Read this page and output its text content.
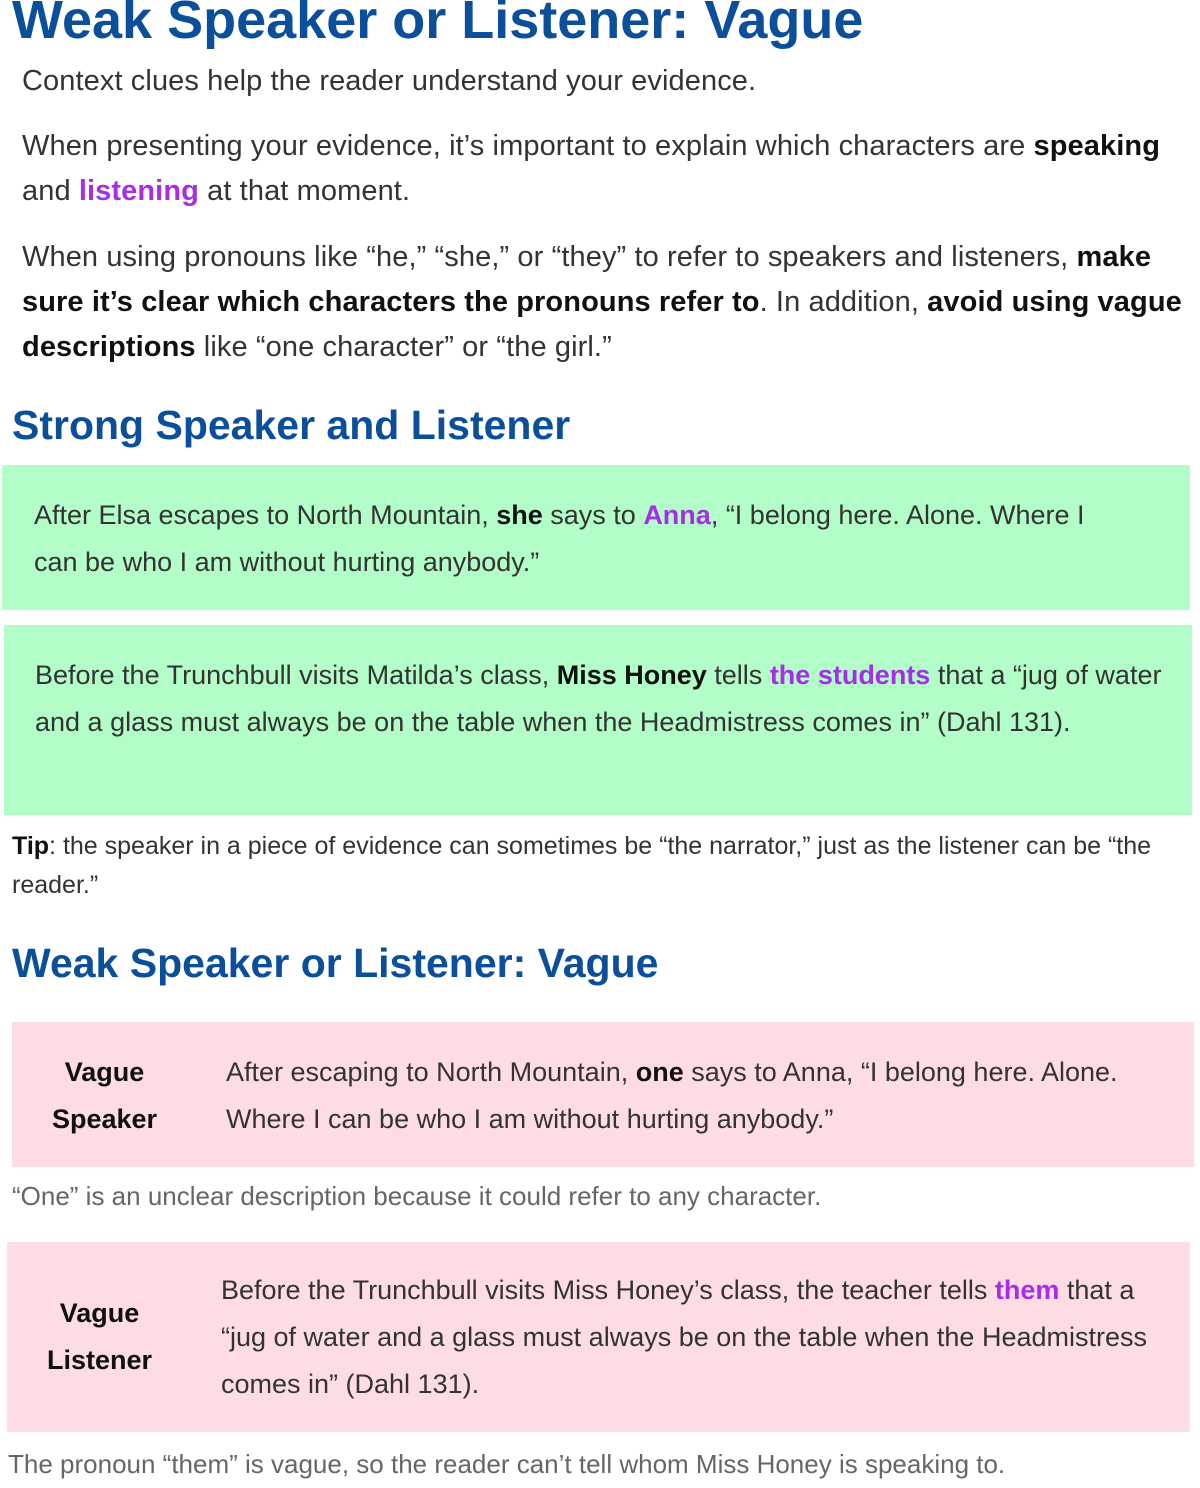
Weak Speaker or Listener: Vague
Context clues help the reader understand your evidence.
When presenting your evidence, it’s important to explain which characters are speaking and listening at that moment.
When using pronouns like “he,” “she,” or “they” to refer to speakers and listeners, make sure it’s clear which characters the pronouns refer to. In addition, avoid using vague descriptions like “one character” or “the girl.”
Strong Speaker and Listener
After Elsa escapes to North Mountain, she says to Anna, “I belong here. Alone. Where I can be who I am without hurting anybody.”
Before the Trunchbull visits Matilda’s class, Miss Honey tells the students that a “jug of water and a glass must always be on the table when the Headmistress comes in” (Dahl 131).
Tip: the speaker in a piece of evidence can sometimes be “the narrator,” just as the listener can be “the reader.”
Weak Speaker or Listener: Vague
Vague
Speaker
After escaping to North Mountain, one says to Anna, “I belong here. Alone. Where I can be who I am without hurting anybody.”
“One” is an unclear description because it could refer to any character.
Vague
Listener
Before the Trunchbull visits Miss Honey’s class, the teacher tells them that a “jug of water and a glass must always be on the table when the Headmistress comes in” (Dahl 131).
The pronoun “them” is vague, so the reader can’t tell whom Miss Honey is speaking to.
